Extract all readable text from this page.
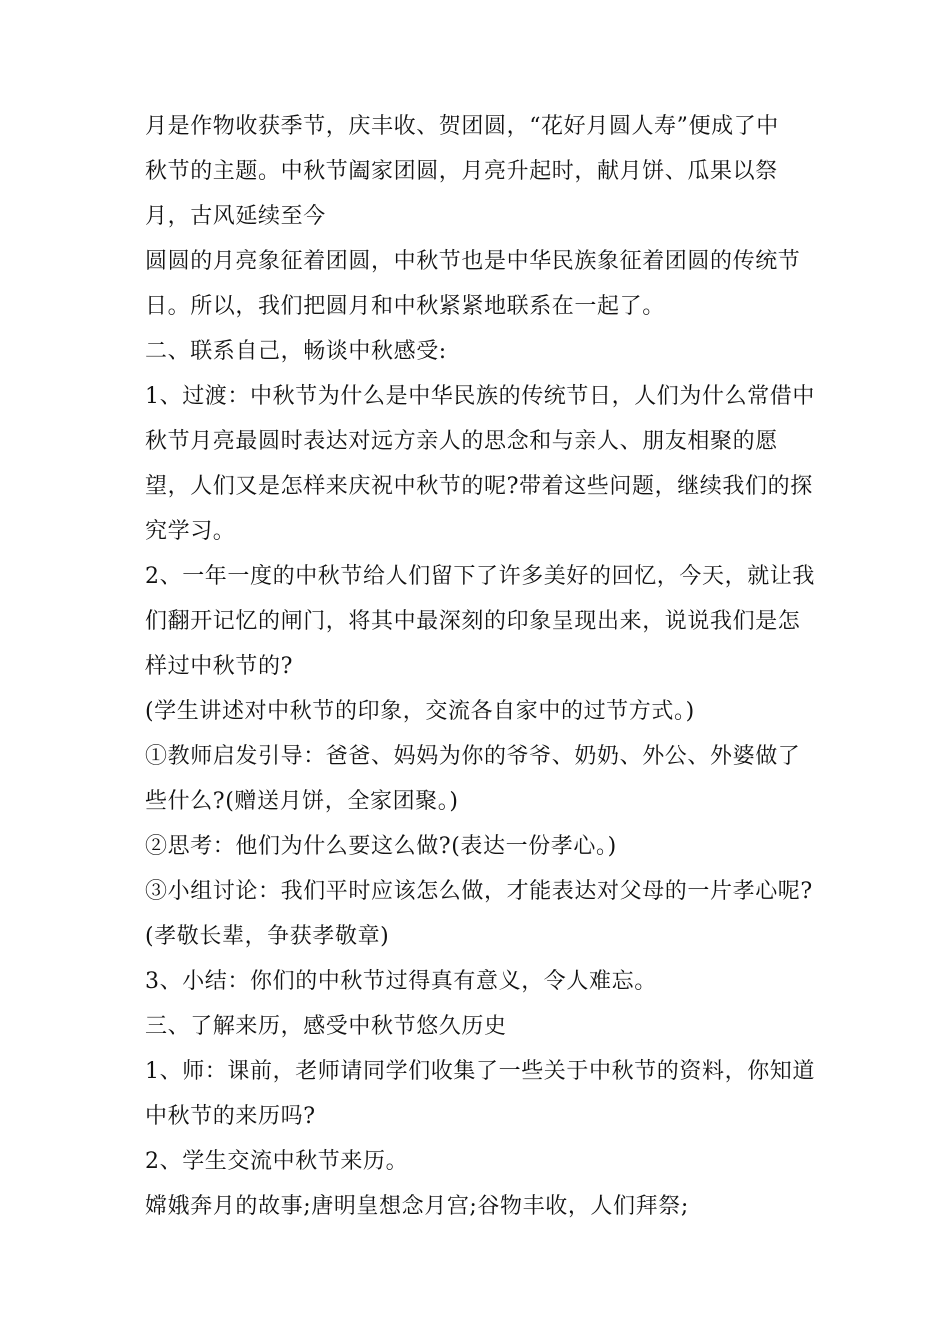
月是作物收获季节，庆丰收、贺团圆，“花好月圆人寿”便成了中
秋节的主题。中秋节阖家团圆，月亮升起时，献月饼、瓜果以祭
月，古风延续至今
圆圆的月亮象征着团圆，中秋节也是中华民族象征着团圆的传统节
日。所以，我们把圆月和中秋紧紧地联系在一起了。
二、联系自己，畅谈中秋感受:
1、过渡：中秋节为什么是中华民族的传统节日，人们为什么常借中
秋节月亮最圆时表达对远方亲人的思念和与亲人、朋友相聚的愿
望，人们又是怎样来庆祝中秋节的呢?带着这些问题，继续我们的探
究学习。
2、一年一度的中秋节给人们留下了许多美好的回忆，今天，就让我
们翻开记忆的闸门，将其中最深刻的印象呈现出来，说说我们是怎
样过中秋节的?
(学生讲述对中秋节的印象，交流各自家中的过节方式。)
①教师启发引导：爸爸、妈妈为你的爷爷、奶奶、外公、外婆做了
些什么?(赠送月饼，全家团聚。)
②思考：他们为什么要这么做?(表达一份孝心。)
③小组讨论：我们平时应该怎么做，才能表达对父母的一片孝心呢?
(孝敬长辈，争获孝敬章)
3、小结：你们的中秋节过得真有意义，令人难忘。
三、了解来历，感受中秋节悠久历史
1、师：课前，老师请同学们收集了一些关于中秋节的资料，你知道
中秋节的来历吗?
2、学生交流中秋节来历。
嫦娥奔月的故事;唐明皇想念月宫;谷物丰收，人们拜祭;
